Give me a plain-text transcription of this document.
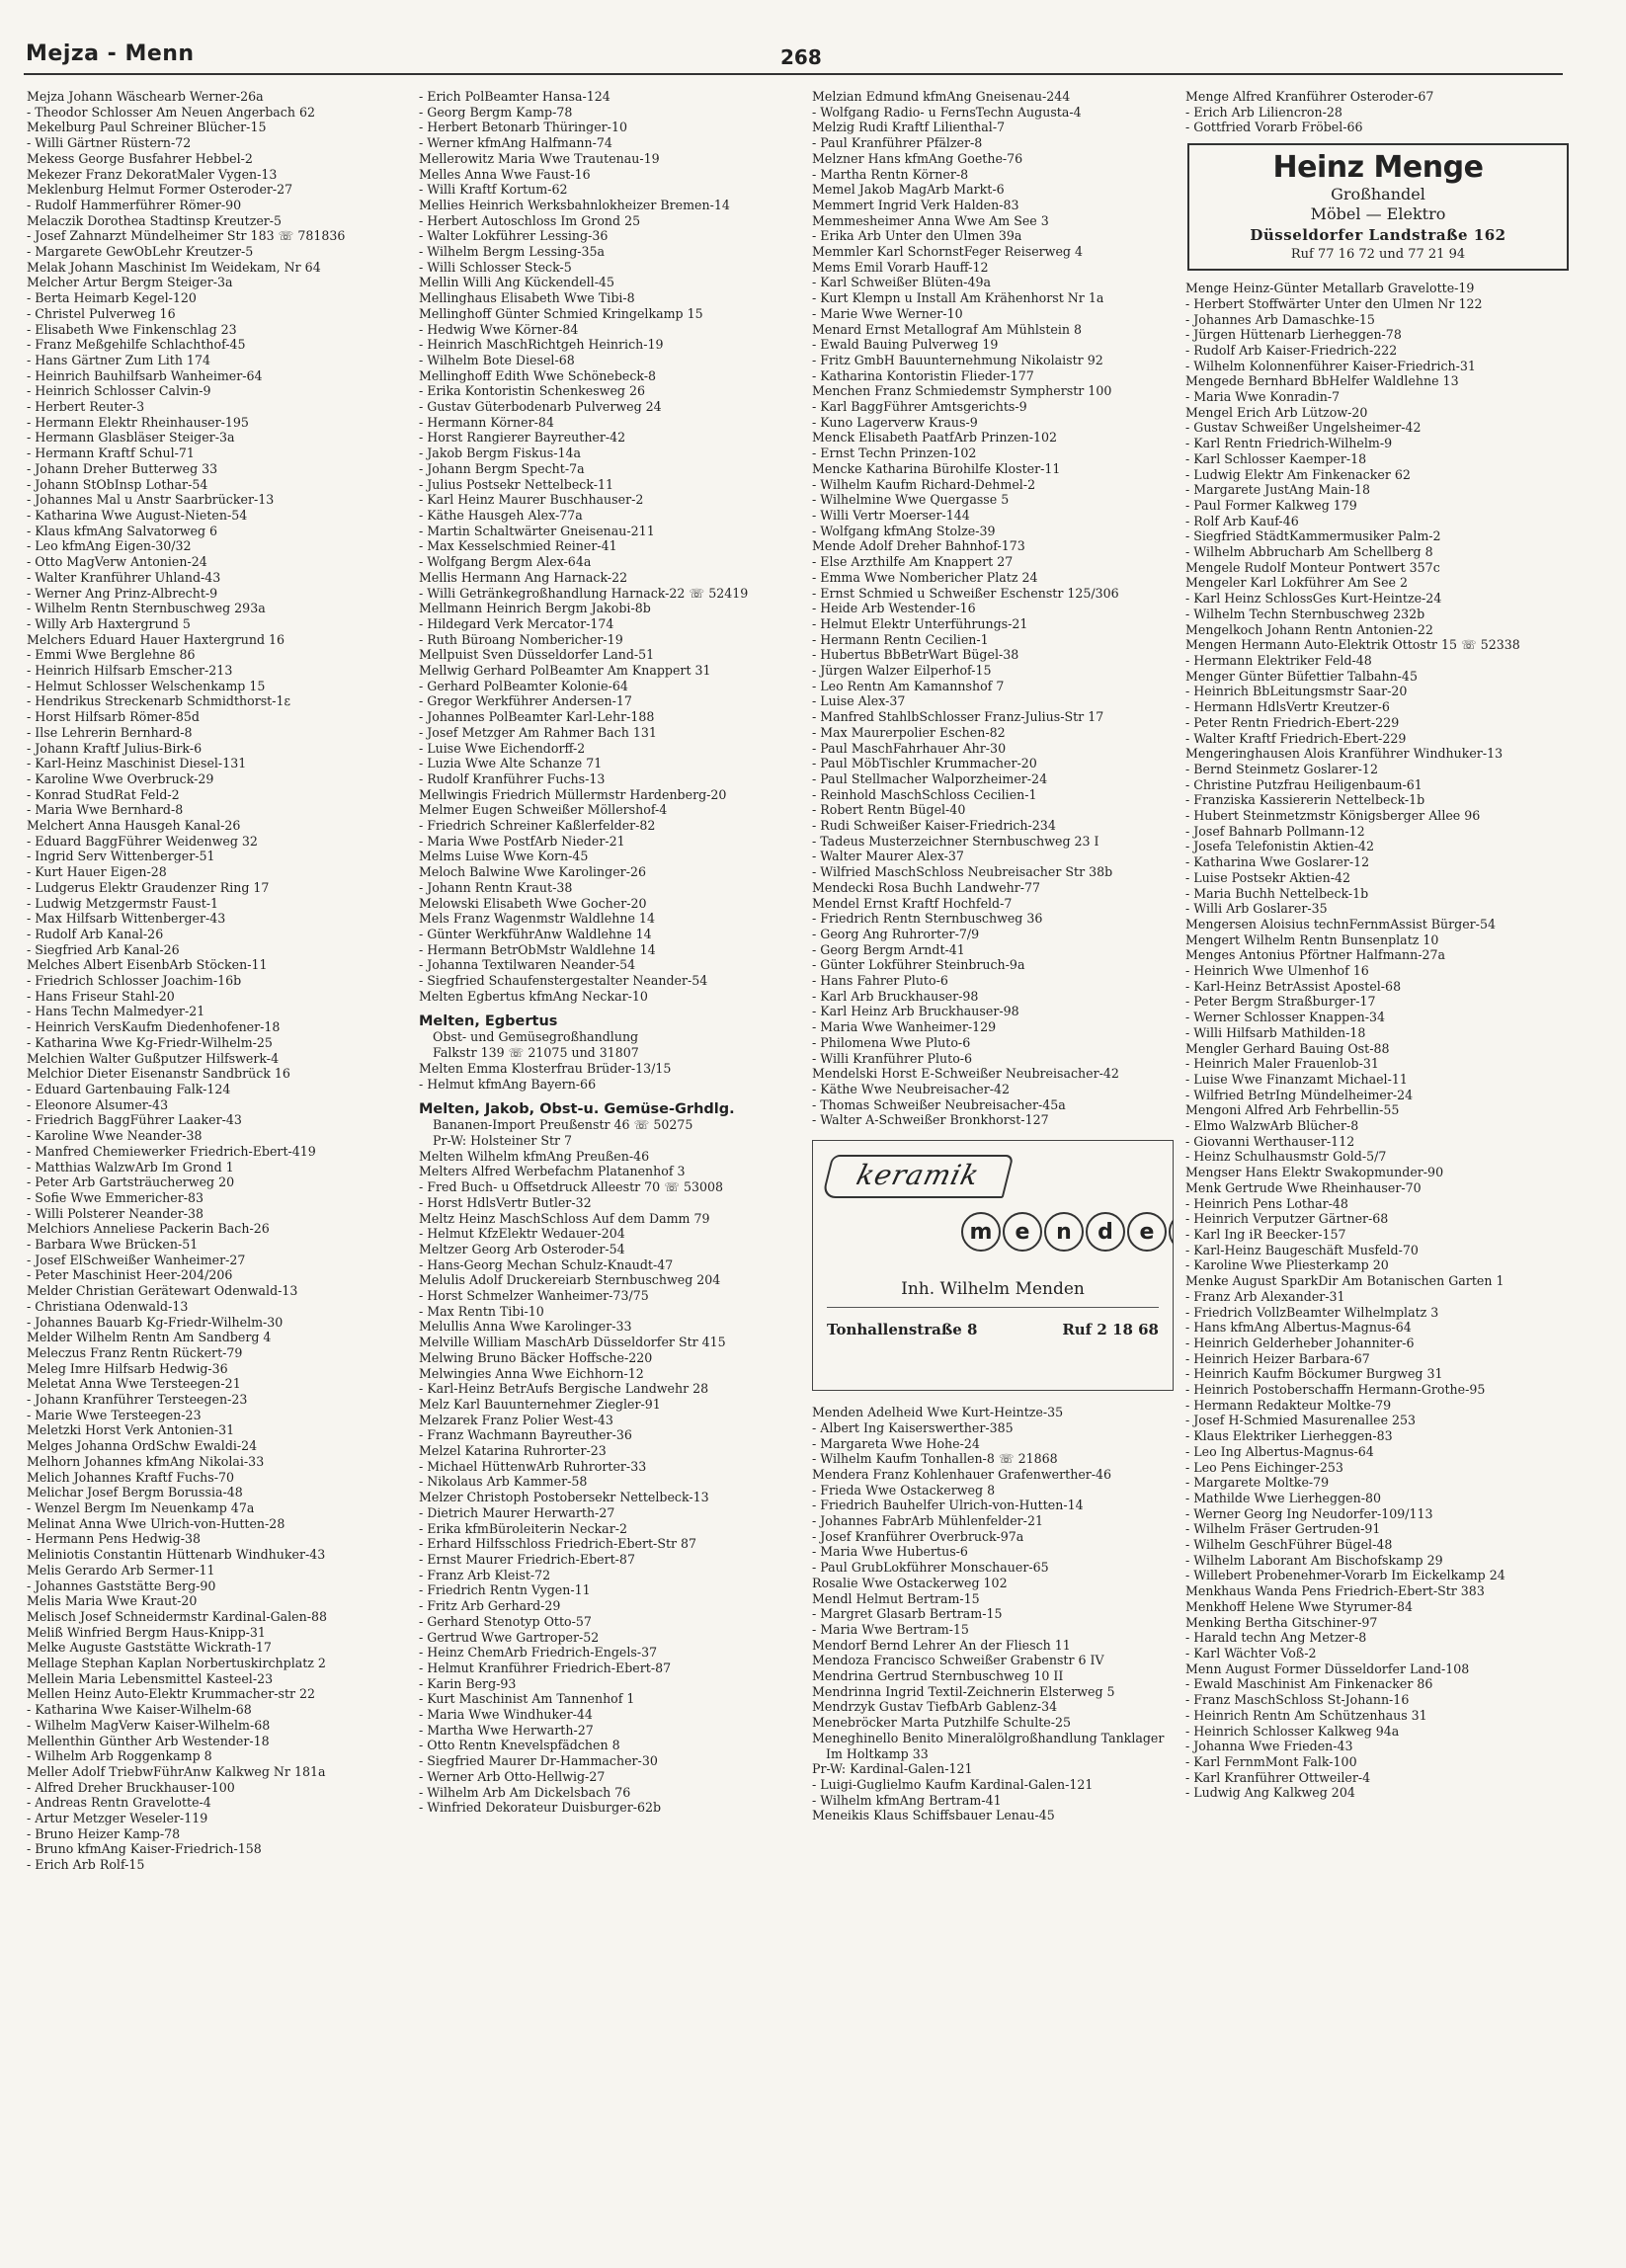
Mejza - Menn	268
Mejza Johann Wäschearb Werner-26a
- Theodor Schlosser Am Neuen Angerbach 62
Mekelburg Paul Schreiner Blücher-15
- Willi Gärtner Rüstern-72
Mekess George Busfahrer Hebbel-2
Mekezer Franz DekoratMaler Vygen-13
Meklenburg Helmut Former Osteroder-27
- Rudolf Hammerführer Römer-90
Melaczik Dorothea Stadtinsp Kreutzer-5
- Josef Zahnarzt Mündelheimer Str 183 ☏ 781836
- Margarete GewObLehr Kreutzer-5
Melak Johann Maschinist Im Weidekam, Nr 64
Melcher Artur Bergm Steiger-3a
- Berta Heimarb Kegel-120
- Christel Pulverweg 16
- Elisabeth Wwe Finkenschlag 23
- Franz Meßgehilfe Schlachthof-45
- Hans Gärtner Zum Lith 174
- Heinrich Bauhilfsarb Wanheimer-64
- Heinrich Schlosser Calvin-9
- Herbert Reuter-3
- Hermann Elektr Rheinhauser-195
- Hermann Glasbläser Steiger-3a
- Hermann Kraftf Schul-71
- Johann Dreher Butterweg 33
- Johann StObInsp Lothar-54
- Johannes Mal u Anstr Saarbrücker-13
- Katharina Wwe August-Nieten-54
- Klaus kfmAng Salvatorweg 6
- Leo kfmAng Eigen-30/32
- Otto MagVerw Antonien-24
- Walter Kranführer Uhland-43
- Werner Ang Prinz-Albrecht-9
- Wilhelm Rentn Sternbuschweg 293a
- Willy Arb Haxtergrund 5
Melchers Eduard Hauer Haxtergrund 16
- Emmi Wwe Berglehne 86
- Heinrich Hilfsarb Emscher-213
- Helmut Schlosser Welschenkamp 15
- Hendrikus Streckenarb Schmidthorst-1ε
- Horst Hilfsarb Römer-85d
- Ilse Lehrerin Bernhard-8
- Johann Kraftf Julius-Birk-6
- Karl-Heinz Maschinist Diesel-131
- Karoline Wwe Overbruck-29
- Konrad StudRat Feld-2
- Maria Wwe Bernhard-8
Melchert Anna Hausgeh Kanal-26
- Eduard BaggFührer Weidenweg 32
- Ingrid Serv Wittenberger-51
- Kurt Hauer Eigen-28
- Ludgerus Elektr Graudenzer Ring 17
- Ludwig Metzgermstr Faust-1
- Max Hilfsarb Wittenberger-43
- Rudolf Arb Kanal-26
- Siegfried Arb Kanal-26
Melches Albert EisenbArb Stöcken-11
- Friedrich Schlosser Joachim-16b
- Hans Friseur Stahl-20
- Hans Techn Malmedyer-21
- Heinrich VersKaufm Diedenhofener-18
- Katharina Wwe Kg-Friedr-Wilhelm-25
Melchien Walter Gußputzer Hilfswerk-4
Melchior Dieter Eisenanstr Sandbrück 16
- Eduard Gartenbauing Falk-124
- Eleonore Alsumer-43
- Friedrich BaggFührer Laaker-43
- Karoline Wwe Neander-38
- Manfred Chemiewerker Friedrich-Ebert-419
- Matthias WalzwArb Im Grond 1
- Peter Arb Gartsträucherweg 20
- Sofie Wwe Emmericher-83
- Willi Polsterer Neander-38
Melchiors Anneliese Packerin Bach-26
- Barbara Wwe Brücken-51
- Josef ElSchweißer Wanheimer-27
- Peter Maschinist Heer-204/206
Melder Christian Gerätewart Odenwald-13
- Christiana Odenwald-13
- Johannes Bauarb Kg-Friedr-Wilhelm-30
Melder Wilhelm Rentn Am Sandberg 4
Meleczus Franz Rentn Rückert-79
Meleg Imre Hilfsarb Hedwig-36
Meletat Anna Wwe Tersteegen-21
- Johann Kranführer Tersteegen-23
- Marie Wwe Tersteegen-23
Meletzki Horst Verk Antonien-31
Melges Johanna OrdSchw Ewaldi-24
Melhorn Johannes kfmAng Nikolai-33
Melich Johannes Kraftf Fuchs-70
Melichar Josef Bergm Borussia-48
- Wenzel Bergm Im Neuenkamp 47a
Melinat Anna Wwe Ulrich-von-Hutten-28
- Hermann Pens Hedwig-38
Meliniotis Constantin Hüttenarb Windhuker-43
Melis Gerardo Arb Sermer-11
- Johannes Gaststätte Berg-90
Melis Maria Wwe Kraut-20
Melisch Josef Schneidermstr Kardinal-Galen-88
Meliß Winfried Bergm Haus-Knipp-31
Melke Auguste Gaststätte Wickrath-17
Mellage Stephan Kaplan Norbertuskirchplatz 2
Mellein Maria Lebensmittel Kasteel-23
Mellen Heinz Auto-Elektr Krummacher-str 22
- Katharina Wwe Kaiser-Wilhelm-68
- Wilhelm MagVerw Kaiser-Wilhelm-68
Mellenthin Günther Arb Westender-18
- Wilhelm Arb Roggenkamp 8
Meller Adolf TriebwFührAnw Kalkweg Nr 181a
- Alfred Dreher Bruckhauser-100
- Andreas Rentn Gravelotte-4
- Artur Metzger Weseler-119
- Bruno Heizer Kamp-78
- Bruno kfmAng Kaiser-Friedrich-158
- Erich Arb Rolf-15
- Erich PolBeamter Hansa-124
- Georg Bergm Kamp-78
- Herbert Betonarb Thüringer-10
- Werner kfmAng Halfmann-74
Mellerowitz Maria Wwe Trautenau-19
Melles Anna Wwe Faust-16
- Willi Kraftf Kortum-62
Mellies Heinrich Werksbahnlokheizer Bremen-14
- Herbert Autoschloss Im Grond 25
- Walter Lokführer Lessing-36
- Wilhelm Bergm Lessing-35a
- Willi Schlosser Steck-5
Mellin Willi Ang Kückendell-45
Mellinghaus Elisabeth Wwe Tibi-8
Mellinghoff Günter Schmied Kringelkamp 15
- Hedwig Wwe Körner-84
- Heinrich MaschRichtgeh Heinrich-19
- Wilhelm Bote Diesel-68
Mellinghoff Edith Wwe Schönebeck-8
- Erika Kontoristin Schenkesweg 26
- Gustav Güterbodenarb Pulverweg 24
- Hermann Körner-84
- Horst Rangierer Bayreuther-42
- Jakob Bergm Fiskus-14a
- Johann Bergm Specht-7a
- Julius Postsekr Nettelbeck-11
- Karl Heinz Maurer Buschhauser-2
- Käthe Hausgeh Alex-77a
- Martin Schaltwärter Gneisenau-211
- Max Kesselschmied Reiner-41
- Wolfgang Bergm Alex-64a
Mellis Hermann Ang Harnack-22
- Willi Getränkegroßhandlung Harnack-22 ☏ 52419
Mellmann Heinrich Bergm Jakobi-8b
- Hildegard Verk Mercator-174
- Ruth Büroang Nombericher-19
Mellpuist Sven Düsseldorfer Land-51
Mellwig Gerhard PolBeamter Am Knappert 31
- Gerhard PolBeamter Kolonie-64
- Gregor Werkführer Andersen-17
- Johannes PolBeamter Karl-Lehr-188
- Josef Metzger Am Rahmer Bach 131
- Luise Wwe Eichendorff-2
- Luzia Wwe Alte Schanze 71
- Rudolf Kranführer Fuchs-13
Mellwingis Friedrich Müllermstr Hardenberg-20
Melmer Eugen Schweißer Möllershof-4
- Friedrich Schreiner Kaßlerfelder-82
- Maria Wwe PostfArb Nieder-21
Melms Luise Wwe Korn-45
Meloch Balwine Wwe Karolinger-26
- Johann Rentn Kraut-38
Melowski Elisabeth Wwe Gocher-20
Mels Franz Wagenmstr Waldlehne 14
- Günter WerkführAnw Waldlehne 14
- Hermann BetrObMstr Waldlehne 14
- Johanna Textilwaren Neander-54
- Siegfried Schaufenstergestalter Neander-54
Melten Egbertus kfmAng Neckar-10
Melten, Egbertus
Obst- und Gemüsegroßhandlung
Falkstr 139 ☏ 21075 und 31807
Melten Emma Klosterfrau Brüder-13/15
- Helmut kfmAng Bayern-66
Melten, Jakob, Obst-u. Gemüse-Grhdlg.
Bananen-Import Preußenstr 46 ☏ 50275
Pr-W: Holsteiner Str 7
Melten Wilhelm kfmAng Preußen-46
Melters Alfred Werbefachm Platanenhof 3
- Fred Buch- u Offsetdruck Alleestr 70 ☏ 53008
- Horst HdlsVertr Butler-32
Meltz Heinz MaschSchloss Auf dem Damm 79
- Helmut KfzElektr Wedauer-204
Meltzer Georg Arb Osteroder-54
- Hans-Georg Mechan Schulz-Knaudt-47
Melulis Adolf Druckereiarb Sternbuschweg 204
- Horst Schmelzer Wanheimer-73/75
- Max Rentn Tibi-10
Melullis Anna Wwe Karolinger-33
Melville William MaschArb Düsseldorfer Str 415
Melwing Bruno Bäcker Hoffsche-220
Melwingies Anna Wwe Eichhorn-12
- Karl-Heinz BetrAufs Bergische Landwehr 28
Melz Karl Bauunternehmer Ziegler-91
Melzarek Franz Polier West-43
- Franz Wachmann Bayreuther-36
Melzel Katarina Ruhrorter-23
- Michael HüttenwArb Ruhrorter-33
- Nikolaus Arb Kammer-58
Melzer Christoph Postobersekr Nettelbeck-13
- Dietrich Maurer Herwarth-27
- Erika kfmBüroleiterin Neckar-2
- Erhard Hilfsschloss Friedrich-Ebert-Str 87
- Ernst Maurer Friedrich-Ebert-87
- Franz Arb Kleist-72
- Friedrich Rentn Vygen-11
- Fritz Arb Gerhard-29
- Gerhard Stenotyp Otto-57
- Gertrud Wwe Gartroper-52
- Heinz ChemArb Friedrich-Engels-37
- Helmut Kranführer Friedrich-Ebert-87
- Karin Berg-93
- Kurt Maschinist Am Tannenhof 1
- Maria Wwe Windhuker-44
- Martha Wwe Herwarth-27
- Otto Rentn Knevelspfädchen 8
- Siegfried Maurer Dr-Hammacher-30
- Werner Arb Otto-Hellwig-27
- Wilhelm Arb Am Dickelsbach 76
- Winfried Dekorateur Duisburger-62b
Melzian Edmund kfmAng Gneisenau-244
- Wolfgang Radio- u FernsTechn Augusta-4
Melzig Rudi Kraftf Lilienthal-7
- Paul Kranführer Pfälzer-8
Melzner Hans kfmAng Goethe-76
- Martha Rentn Körner-8
Memel Jakob MagArb Markt-6
Memmert Ingrid Verk Halden-83
Memmesheimer Anna Wwe Am See 3
- Erika Arb Unter den Ulmen 39a
Memmler Karl SchornstFeger Reiserweg 4
Mems Emil Vorarb Hauff-12
- Karl Schweißer Blüten-49a
- Kurt Klempn u Install Am Krähenhorst Nr 1a
- Marie Wwe Werner-10
Menard Ernst Metallograf Am Mühlstein 8
- Ewald Bauing Pulverweg 19
- Fritz GmbH Bauunternehmung Nikolaistr 92
- Katharina Kontoristin Flieder-177
Menchen Franz Schmiedemstr Sympherstr 100
- Karl BaggFührer Amtsgerichts-9
- Kuno Lagerverw Kraus-9
Menck Elisabeth PaatfArb Prinzen-102
- Ernst Techn Prinzen-102
Mencke Katharina Bürohilfe Kloster-11
- Wilhelm Kaufm Richard-Dehmel-2
- Wilhelmine Wwe Quergasse 5
- Willi Vertr Moerser-144
- Wolfgang kfmAng Stolze-39
Mende Adolf Dreher Bahnhof-173
- Else Arzthilfe Am Knappert 27
- Emma Wwe Nombericher Platz 24
- Ernst Schmied u Schweißer Eschenstr 125/306
- Heide Arb Westender-16
- Helmut Elektr Unterführungs-21
- Hermann Rentn Cecilien-1
- Hubertus BbBetrWart Bügel-38
- Jürgen Walzer Eilperhof-15
- Leo Rentn Am Kamannshof 7
- Luise Alex-37
- Manfred StahlbSchlosser Franz-Julius-Str 17
- Max Maurerpolier Eschen-82
- Paul MaschFahrhauer Ahr-30
- Paul MöbTischler Krummacher-20
- Paul Stellmacher Walporzheimer-24
- Reinhold MaschSchloss Cecilien-1
- Robert Rentn Bügel-40
- Rudi Schweißer Kaiser-Friedrich-234
- Tadeus Musterzeichner Sternbuschweg 23 I
- Walter Maurer Alex-37
- Wilfried MaschSchloss Neubreisacher Str 38b
Mendecki Rosa Buchh Landwehr-77
Mendel Ernst Kraftf Hochfeld-7
- Friedrich Rentn Sternbuschweg 36
- Georg Ang Ruhrorter-7/9
- Georg Bergm Arndt-41
- Günter Lokführer Steinbruch-9a
- Hans Fahrer Pluto-6
- Karl Arb Bruckhauser-98
- Karl Heinz Arb Bruckhauser-98
- Maria Wwe Wanheimer-129
- Philomena Wwe Pluto-6
- Willi Kranführer Pluto-6
Mendelski Horst E-Schweißer Neubreisacher-42
- Käthe Wwe Neubreisacher-42
- Thomas Schweißer Neubreisacher-45a
- Walter A-Schweißer Bronkhorst-127
keramik
m	e	n	d	e
Inh. Wilhelm Menden
Tonhallenstraße 8	Ruf 2 18 68
Menden Adelheid Wwe Kurt-Heintze-35
- Albert Ing Kaiserswerther-385
- Margareta Wwe Hohe-24
- Wilhelm Kaufm Tonhallen-8 ☏ 21868
Mendera Franz Kohlenhauer Grafenwerther-46
- Frieda Wwe Ostackerweg 8
- Friedrich Bauhelfer Ulrich-von-Hutten-14
- Johannes FabrArb Mühlenfelder-21
- Josef Kranführer Overbruck-97a
- Maria Wwe Hubertus-6
- Paul GrubLokführer Monschauer-65
Rosalie Wwe Ostackerweg 102
Mendl Helmut Bertram-15
- Margret Glasarb Bertram-15
- Maria Wwe Bertram-15
Mendorf Bernd Lehrer An der Fliesch 11
Mendoza Francisco Schweißer Grabenstr 6 IV
Mendrina Gertrud Sternbuschweg 10 II
Mendrinna Ingrid Textil-Zeichnerin Elsterweg 5
Mendrzyk Gustav TiefbArb Gablenz-34
Menebröcker Marta Putzhilfe Schulte-25
Meneghinello Benito Mineralölgroßhandlung Tanklager Im Holtkamp 33
Pr-W: Kardinal-Galen-121
- Luigi-Guglielmo Kaufm Kardinal-Galen-121
- Wilhelm kfmAng Bertram-41
Meneikis Klaus Schiffsbauer Lenau-45
Menge Alfred Kranführer Osteroder-67
- Erich Arb Liliencron-28
- Gottfried Vorarb Fröbel-66
Heinz Menge
Großhandel
Möbel — Elektro
Düsseldorfer Landstraße 162
Ruf 77 16 72 und 77 21 94
Menge Heinz-Günter Metallarb Gravelotte-19
- Herbert Stoffwärter Unter den Ulmen Nr 122
- Johannes Arb Damaschke-15
- Jürgen Hüttenarb Lierheggen-78
- Rudolf Arb Kaiser-Friedrich-222
- Wilhelm Kolonnenführer Kaiser-Friedrich-31
Mengede Bernhard BbHelfer Waldlehne 13
- Maria Wwe Konradin-7
Mengel Erich Arb Lützow-20
- Gustav Schweißer Ungelsheimer-42
- Karl Rentn Friedrich-Wilhelm-9
- Karl Schlosser Kaemper-18
- Ludwig Elektr Am Finkenacker 62
- Margarete JustAng Main-18
- Paul Former Kalkweg 179
- Rolf Arb Kauf-46
- Siegfried StädtKammermusiker Palm-2
- Wilhelm Abbrucharb Am Schellberg 8
Mengele Rudolf Monteur Pontwert 357c
Mengeler Karl Lokführer Am See 2
- Karl Heinz SchlossGes Kurt-Heintze-24
- Wilhelm Techn Sternbuschweg 232b
Mengelkoch Johann Rentn Antonien-22
Mengen Hermann Auto-Elektrik Ottostr 15 ☏ 52338
- Hermann Elektriker Feld-48
Menger Günter Büfettier Talbahn-45
- Heinrich BbLeitungsmstr Saar-20
- Hermann HdlsVertr Kreutzer-6
- Peter Rentn Friedrich-Ebert-229
- Walter Kraftf Friedrich-Ebert-229
Mengeringhausen Alois Kranführer Windhuker-13
- Bernd Steinmetz Goslarer-12
- Christine Putzfrau Heiligenbaum-61
- Franziska Kassiererin Nettelbeck-1b
- Hubert Steinmetzmstr Königsberger Allee 96
- Josef Bahnarb Pollmann-12
- Josefa Telefonistin Aktien-42
- Katharina Wwe Goslarer-12
- Luise Postsekr Aktien-42
- Maria Buchh Nettelbeck-1b
- Willi Arb Goslarer-35
Mengersen Aloisius technFernmAssist Bürger-54
Mengert Wilhelm Rentn Bunsenplatz 10
Menges Antonius Pförtner Halfmann-27a
- Heinrich Wwe Ulmenhof 16
- Karl-Heinz BetrAssist Apostel-68
- Peter Bergm Straßburger-17
- Werner Schlosser Knappen-34
- Willi Hilfsarb Mathilden-18
Mengler Gerhard Bauing Ost-88
- Heinrich Maler Frauenlob-31
- Luise Wwe Finanzamt Michael-11
- Wilfried BetrIng Mündelheimer-24
Mengoni Alfred Arb Fehrbellin-55
- Elmo WalzwArb Blücher-8
- Giovanni Werthauser-112
- Heinz Schulhausmstr Gold-5/7
Mengser Hans Elektr Swakopmunder-90
Menk Gertrude Wwe Rheinhauser-70
- Heinrich Pens Lothar-48
- Heinrich Verputzer Gärtner-68
- Karl Ing iR Beecker-157
- Karl-Heinz Baugeschäft Musfeld-70
- Karoline Wwe Pliesterkamp 20
Menke August SparkDir Am Botanischen Garten 1
- Franz Arb Alexander-31
- Friedrich VollzBeamter Wilhelmplatz 3
- Hans kfmAng Albertus-Magnus-64
- Heinrich Gelderheber Johanniter-6
- Heinrich Heizer Barbara-67
- Heinrich Kaufm Böckumer Burgweg 31
- Heinrich Postoberschaffn Hermann-Grothe-95
- Hermann Redakteur Moltke-79
- Josef H-Schmied Masurenallee 253
- Klaus Elektriker Lierheggen-83
- Leo Ing Albertus-Magnus-64
- Leo Pens Eichinger-253
- Margarete Moltke-79
- Mathilde Wwe Lierheggen-80
- Werner Georg Ing Neudorfer-109/113
- Wilhelm Fräser Gertruden-91
- Wilhelm GeschFührer Bügel-48
- Wilhelm Laborant Am Bischofskamp 29
- Willebert Probenehmer-Vorarb Im Eickelkamp 24
Menkhaus Wanda Pens Friedrich-Ebert-Str 383
Menkhoff Helene Wwe Styrumer-84
Menking Bertha Gitschiner-97
- Harald techn Ang Metzer-8
- Karl Wächter Voß-2
Menn August Former Düsseldorfer Land-108
- Ewald Maschinist Am Finkenacker 86
- Franz MaschSchloss St-Johann-16
- Heinrich Rentn Am Schützenhaus 31
- Heinrich Schlosser Kalkweg 94a
- Johanna Wwe Frieden-43
- Karl FernmMont Falk-100
- Karl Kranführer Ottweiler-4
- Ludwig Ang Kalkweg 204
